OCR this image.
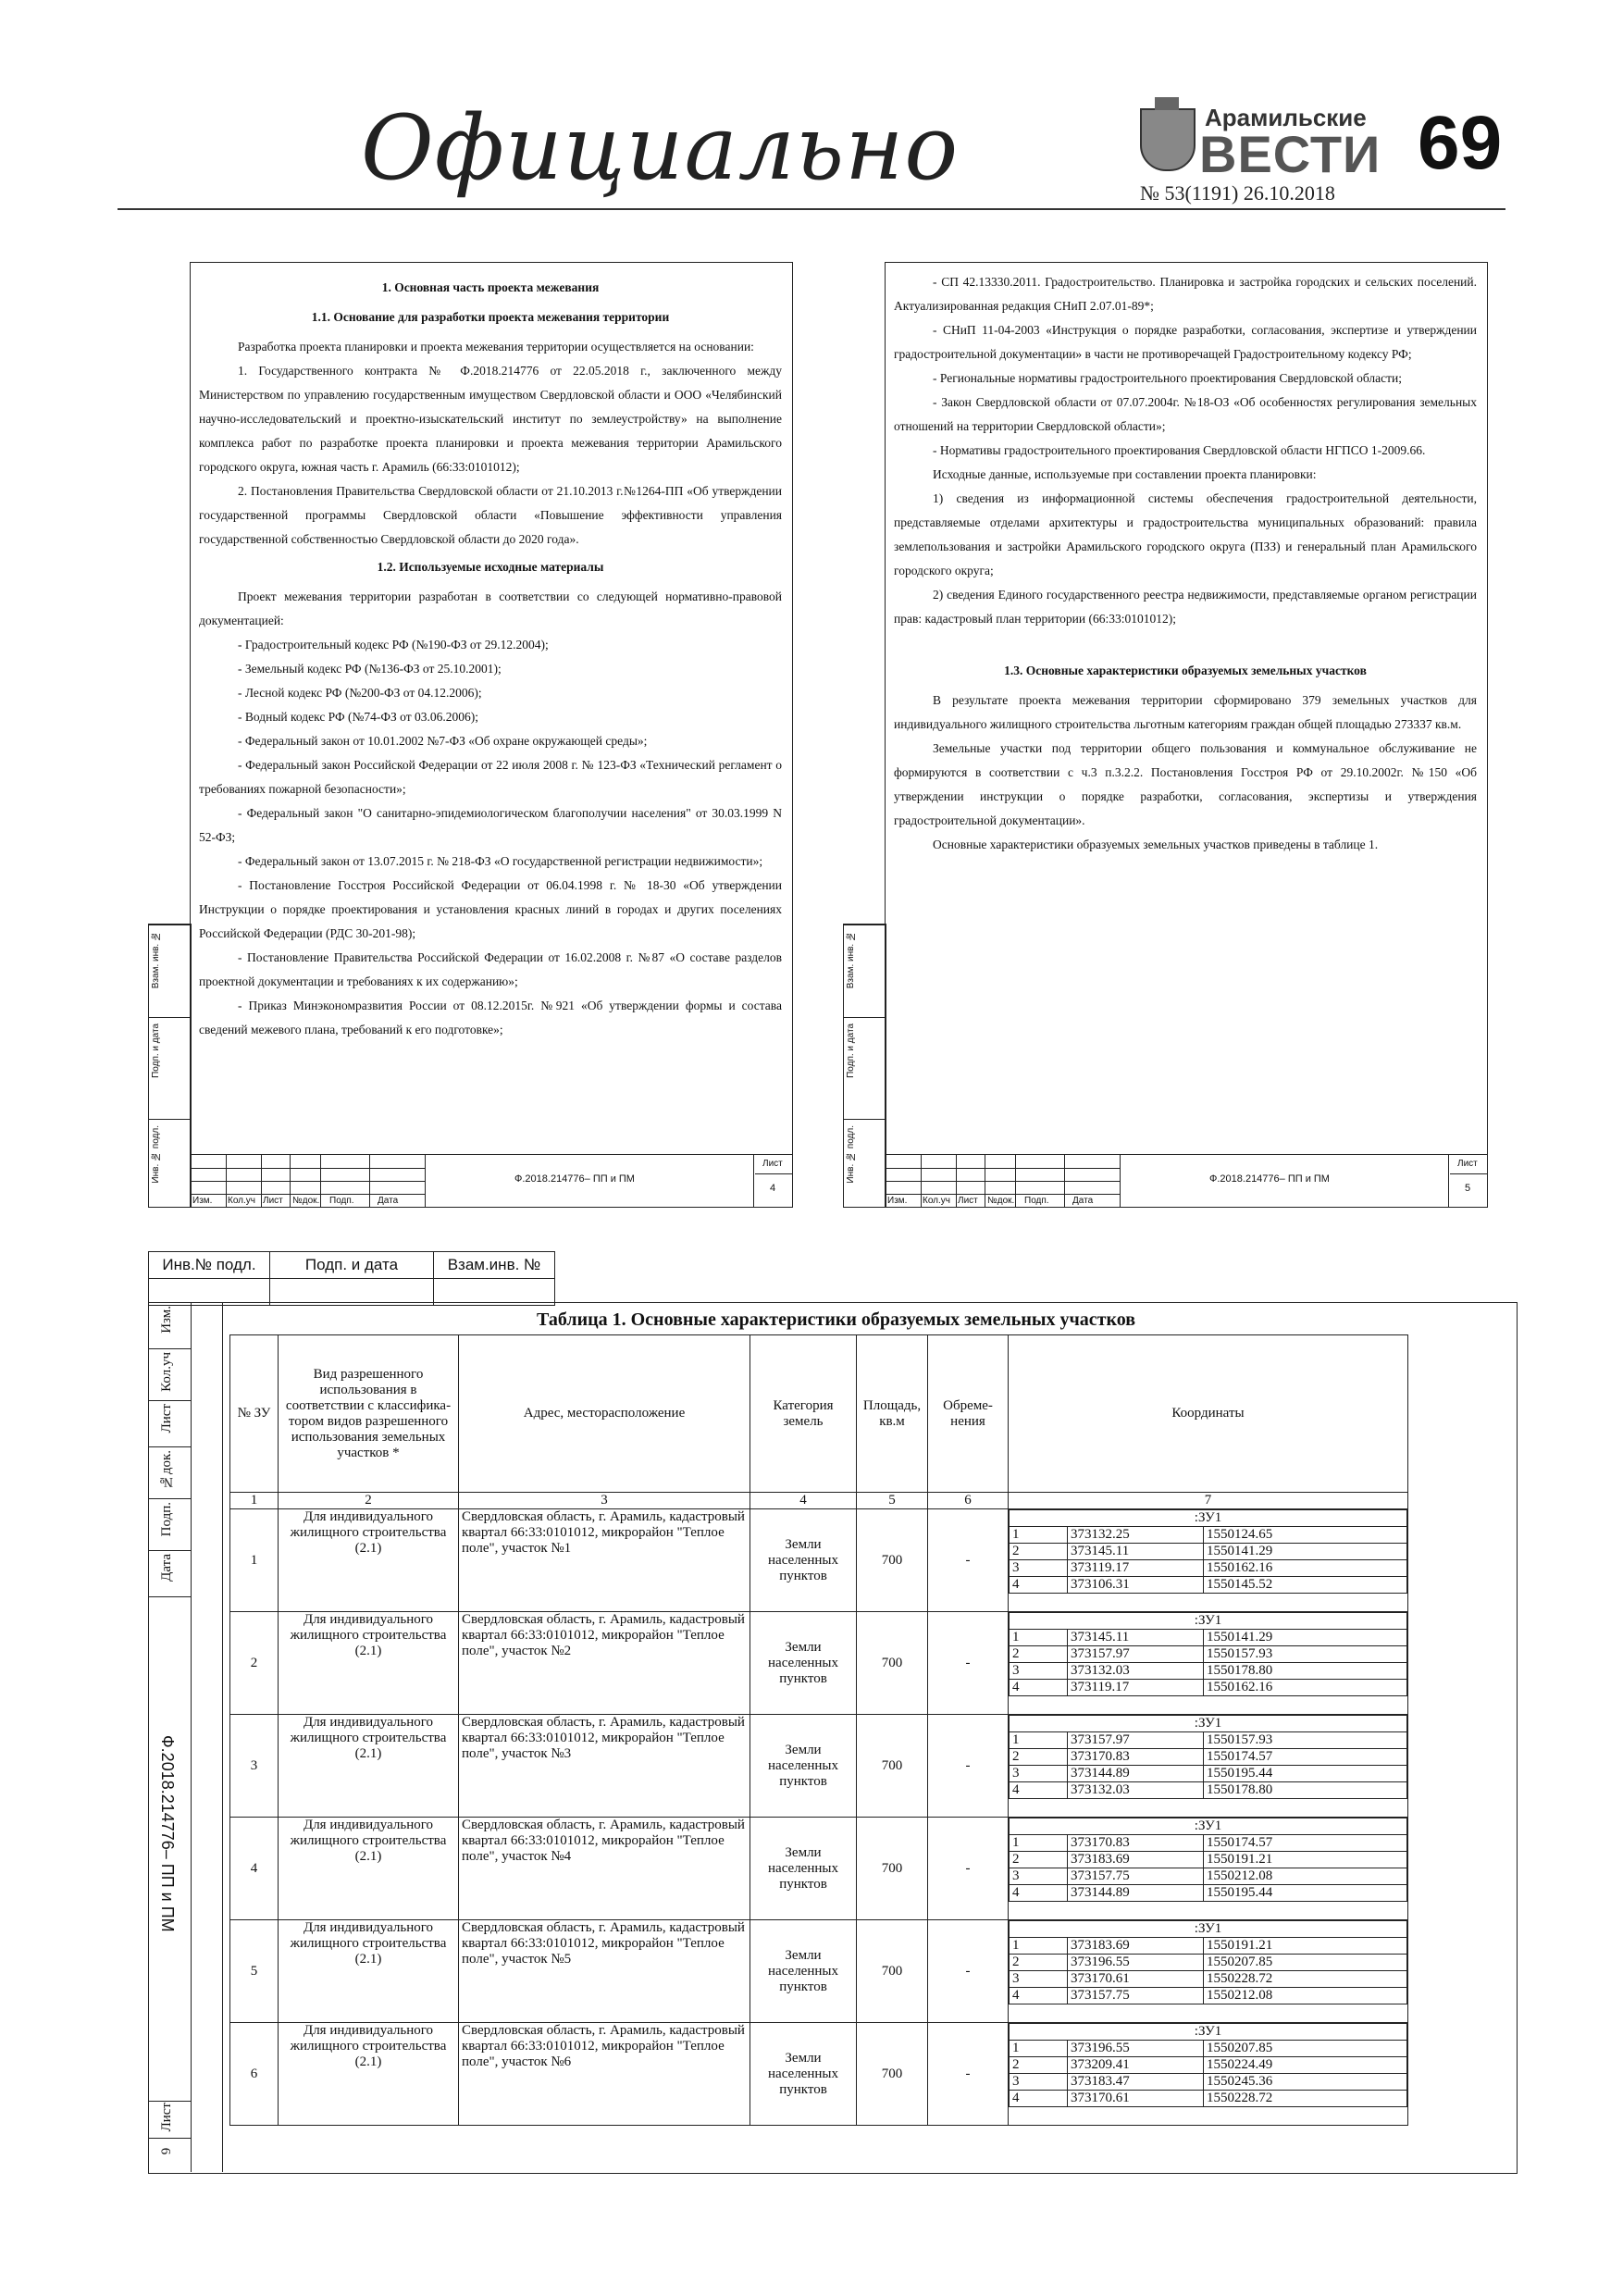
Официально	Арамильские
ВЕСТИ
№ 53(1191) 26.10.2018
69

1. Основная часть проекта межевания

1.1. Основание для разработки проекта межевания территории

Разработка проекта планировки и проекта межевания территории осуществляется на основании:

1. Государственного контракта № Ф.2018.214776 от 22.05.2018 г., заключенного между Министерством по управлению государственным имуществом Свердловской области и ООО «Челябинский научно-исследовательский и проектно-изыскательский институт по землеустройству» на выполнение комплекса работ по разработке проекта планировки и проекта межевания территории Арамильского городского округа, южная часть г. Арамиль (66:33:0101012);

2. Постановления Правительства Свердловской области от 21.10.2013 г.№1264-ПП «Об утверждении государственной программы Свердловской области «Повышение эффективности управления государственной собственностью Свердловской области до 2020 года».

1.2. Используемые исходные материалы

Проект межевания территории разработан в соответствии со следующей нормативно-правовой документацией:

- Градостроительный кодекс РФ (№190-ФЗ от 29.12.2004);

- Земельный кодекс РФ (№136-ФЗ от 25.10.2001);

- Лесной кодекс РФ (№200-ФЗ от 04.12.2006);

- Водный кодекс РФ (№74-ФЗ от 03.06.2006);

- Федеральный закон от 10.01.2002 №7-ФЗ «Об охране окружающей среды»;

- Федеральный закон Российской Федерации от 22 июля 2008 г. № 123-ФЗ «Технический регламент о требованиях пожарной безопасности»;

- Федеральный закон "О санитарно-эпидемиологическом благополучии населения" от 30.03.1999 N 52-ФЗ;

- Федеральный закон от 13.07.2015 г. № 218-ФЗ «О государственной регистрации недвижимости»;

- Постановление Госстроя Российской Федерации от 06.04.1998 г. № 18-30 «Об утверждении Инструкции о порядке проектирования и установления красных линий в городах и других поселениях Российской Федерации (РДС 30-201-98);

- Постановление Правительства Российской Федерации от 16.02.2008 г. №87 «О составе разделов проектной документации и требованиях к их содержанию»;

- Приказ Минэкономразвития России от 08.12.2015г. №921 «Об утверждении формы и состава сведений межевого плана, требований к его подготовке»;

Изм. Кол.уч Лист №док. Подп.	Дата
Ф.2018.214776– ПП и ПМ
Лист
4
Взам. инв. №
Подп. и дата
Инв. № подл.

- СП 42.13330.2011. Градостроительство. Планировка и застройка городских и сельских поселений. Актуализированная редакция СНиП 2.07.01-89*;

- СНиП 11-04-2003 «Инструкция о порядке разработки, согласования, экспертизе и утверждении градостроительной документации» в части не противоречащей Градостроительному кодексу РФ;

- Региональные нормативы градостроительного проектирования Свердловской области;

- Закон Свердловской области от 07.07.2004г. №18-ОЗ «Об особенностях регулирования земельных отношений на территории Свердловской области»;

- Нормативы градостроительного проектирования Свердловской области НГПСО 1-2009.66.

Исходные данные, используемые при составлении проекта планировки:

1) сведения из информационной системы обеспечения градостроительной деятельности, представляемые отделами архитектуры и градостроительства муниципальных образований: правила землепользования и застройки Арамильского городского округа (ПЗЗ) и генеральный план Арамильского городского округа;

2) сведения Единого государственного реестра недвижимости, представляемые органом регистрации прав: кадастровый план территории (66:33:0101012);

1.3. Основные характеристики образуемых земельных участков

В результате проекта межевания территории сформировано 379 земельных участков для индивидуального жилищного строительства льготным категориям граждан общей площадью 273337 кв.м.

Земельные участки под территории общего пользования и коммунальное обслуживание не формируются в соответствии с ч.3 п.3.2.2. Постановления Госстроя РФ от 29.10.2002г. №150 «Об утверждении инструкции о порядке разработки, согласования, экспертизы и утверждения градостроительной документации».

Основные характеристики образуемых земельных участков приведены в таблице 1.

Изм. Кол.уч Лист №док. Подп.	Дата
Ф.2018.214776– ПП и ПМ
Лист
5
Взам. инв. №
Подп. и дата
Инв. № подл.
Инв.№ подл.	Подп. и дата	Взам.инв. №

Изм.
Кол.уч
Лист
№док.
Подп.
Дата
Ф.2018.214776– ПП и ПМ
Лист
6
Таблица 1. Основные характеристики образуемых земельных участков
№ ЗУ	Вид разрешенного использования в соответствии с классифика-тором видов разрешенного использования земельных участков *	Адрес, месторасположение	Категория земель	Площадь, кв.м	Обреме-нения	Координаты
1	2	3	4	5	6	7
1	Для индивидуального жилищного строительства (2.1)	Свердловская область, г. Арамиль, кадастровый квартал 66:33:0101012, микрорайон "Теплое поле", участок №1	Земли населенных пунктов	700	-	
:ЗУ1
1	373132.25	1550124.65
2	373145.11	1550141.29
3	373119.17	1550162.16
4	373106.31	1550145.52

2	Для индивидуального жилищного строительства (2.1)	Свердловская область, г. Арамиль, кадастровый квартал 66:33:0101012, микрорайон "Теплое поле", участок №2	Земли населенных пунктов	700	-	
:ЗУ1
1	373145.11	1550141.29
2	373157.97	1550157.93
3	373132.03	1550178.80
4	373119.17	1550162.16

3	Для индивидуального жилищного строительства (2.1)	Свердловская область, г. Арамиль, кадастровый квартал 66:33:0101012, микрорайон "Теплое поле", участок №3	Земли населенных пунктов	700	-	
:ЗУ1
1	373157.97	1550157.93
2	373170.83	1550174.57
3	373144.89	1550195.44
4	373132.03	1550178.80

4	Для индивидуального жилищного строительства (2.1)	Свердловская область, г. Арамиль, кадастровый квартал 66:33:0101012, микрорайон "Теплое поле", участок №4	Земли населенных пунктов	700	-	
:ЗУ1
1	373170.83	1550174.57
2	373183.69	1550191.21
3	373157.75	1550212.08
4	373144.89	1550195.44

5	Для индивидуального жилищного строительства (2.1)	Свердловская область, г. Арамиль, кадастровый квартал 66:33:0101012, микрорайон "Теплое поле", участок №5	Земли населенных пунктов	700	-	
:ЗУ1
1	373183.69	1550191.21
2	373196.55	1550207.85
3	373170.61	1550228.72
4	373157.75	1550212.08

6	Для индивидуального жилищного строительства (2.1)	Свердловская область, г. Арамиль, кадастровый квартал 66:33:0101012, микрорайон "Теплое поле", участок №6	Земли населенных пунктов	700	-	
:ЗУ1
1	373196.55	1550207.85
2	373209.41	1550224.49
3	373183.47	1550245.36
4	373170.61	1550228.72
